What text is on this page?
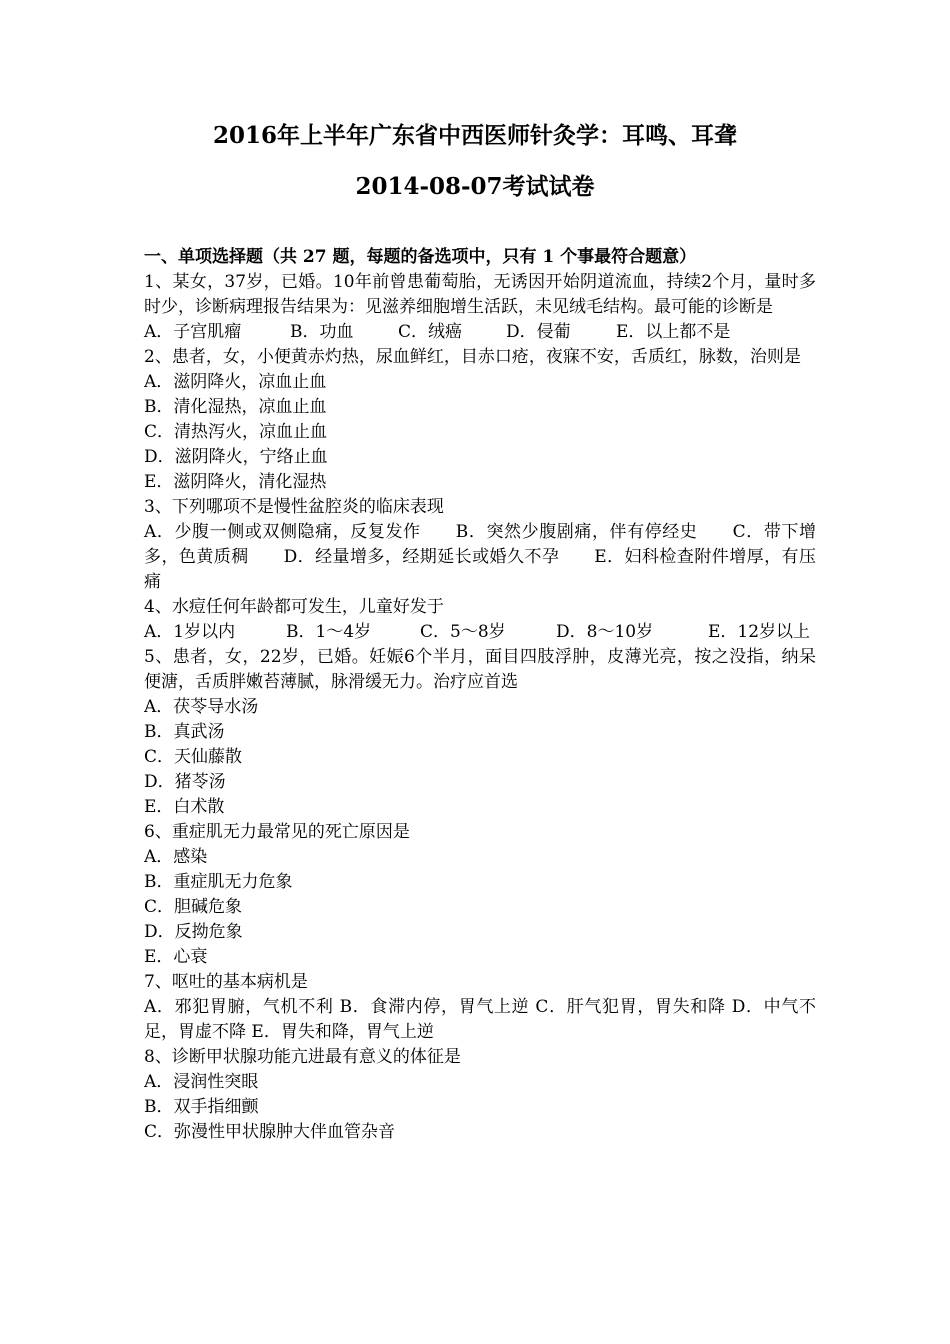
2016年上半年广东省中西医师针灸学：耳鸣、耳聋
2014-08-07考试试卷
一、单项选择题（共 27 题，每题的备选项中，只有 1 个事最符合题意）
1、某女，37岁，已婚。10年前曾患葡萄胎，无诱因开始阴道流血，持续2个月，量时多时少，诊断病理报告结果为：见滋养细胞增生活跃，未见绒毛结构。最可能的诊断是
A．子宫肌瘤	B．功血	C．绒癌	D．侵葡	E．以上都不是
2、患者，女，小便黄赤灼热，尿血鲜红，目赤口疮，夜寐不安，舌质红，脉数，治则是
A．滋阴降火，凉血止血
B．清化湿热，凉血止血
C．清热泻火，凉血止血
D．滋阴降火，宁络止血
E．滋阴降火，清化湿热
3、下列哪项不是慢性盆腔炎的临床表现
A．少腹一侧或双侧隐痛，反复发作　　B．突然少腹剧痛，伴有停经史　　C．带下增多，色黄质稠　　D．经量增多，经期延长或婚久不孕　　E．妇科检查附件增厚，有压痛
4、水痘任何年龄都可发生，儿童好发于
A．1岁以内	B．1～4岁	C．5～8岁	D．8～10岁	E．12岁以上
5、患者，女，22岁，已婚。妊娠6个半月，面目四肢浮肿，皮薄光亮，按之没指，纳呆便溏，舌质胖嫩苔薄腻，脉滑缓无力。治疗应首选
A．茯苓导水汤
B．真武汤
C．天仙藤散
D．猪苓汤
E．白术散
6、重症肌无力最常见的死亡原因是
A．感染
B．重症肌无力危象
C．胆碱危象
D．反拗危象
E．心衰
7、呕吐的基本病机是
A．邪犯胃腑，气机不利 B．食滞内停，胃气上逆 C．肝气犯胃，胃失和降 D．中气不足，胃虚不降 E．胃失和降，胃气上逆
8、诊断甲状腺功能亢进最有意义的体征是
A．浸润性突眼
B．双手指细颤
C．弥漫性甲状腺肿大伴血管杂音
